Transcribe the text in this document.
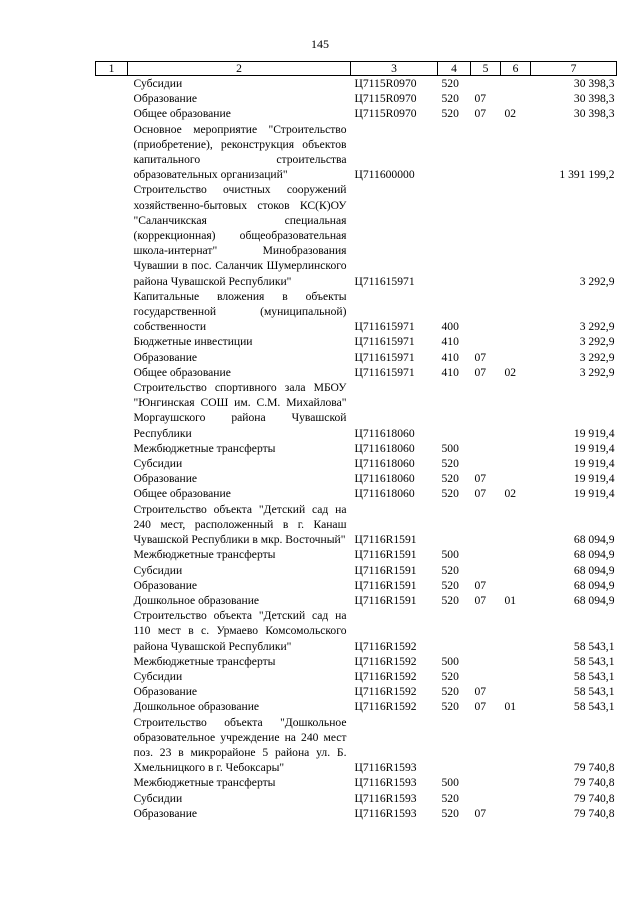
145
1	2	3	4	5	6	7
	Субсидии	Ц7115R0970	520			30 398,3
	Образование	Ц7115R0970	520	07		30 398,3
	Общее образование	Ц7115R0970	520	07	02	30 398,3
	Основное мероприятие "Строительство (приобретение), реконструкция объектов капитального строительства образовательных организаций"	Ц711600000				1 391 199,2
	Строительство очистных сооружений хозяйственно-бытовых стоков КС(К)ОУ "Саланчикская специальная (коррекционная) общеобразовательная школа-интернат" Минобразования Чувашии в пос. Саланчик Шумерлинского района Чувашской Республики"	Ц711615971				3 292,9
	Капитальные вложения в объекты государственной (муниципальной) собственности	Ц711615971	400			3 292,9
	Бюджетные инвестиции	Ц711615971	410			3 292,9
	Образование	Ц711615971	410	07		3 292,9
	Общее образование	Ц711615971	410	07	02	3 292,9
	Строительство спортивного зала МБОУ "Юнгинская СОШ им. С.М. Михайлова" Моргаушского района Чувашской Республики	Ц711618060				19 919,4
	Межбюджетные трансферты	Ц711618060	500			19 919,4
	Субсидии	Ц711618060	520			19 919,4
	Образование	Ц711618060	520	07		19 919,4
	Общее образование	Ц711618060	520	07	02	19 919,4
	Строительство объекта "Детский сад на 240 мест, расположенный в г. Канаш Чувашской Республики в мкр. Восточный"	Ц7116R1591				68 094,9
	Межбюджетные трансферты	Ц7116R1591	500			68 094,9
	Субсидии	Ц7116R1591	520			68 094,9
	Образование	Ц7116R1591	520	07		68 094,9
	Дошкольное образование	Ц7116R1591	520	07	01	68 094,9
	Строительство объекта "Детский сад на 110 мест в с. Урмаево Комсомольского района Чувашской Республики"	Ц7116R1592				58 543,1
	Межбюджетные трансферты	Ц7116R1592	500			58 543,1
	Субсидии	Ц7116R1592	520			58 543,1
	Образование	Ц7116R1592	520	07		58 543,1
	Дошкольное образование	Ц7116R1592	520	07	01	58 543,1
	Строительство объекта "Дошкольное образовательное учреждение на 240 мест поз. 23 в микрорайоне 5 района ул. Б. Хмельницкого в г. Чебоксары"	Ц7116R1593				79 740,8
	Межбюджетные трансферты	Ц7116R1593	500			79 740,8
	Субсидии	Ц7116R1593	520			79 740,8
	Образование	Ц7116R1593	520	07		79 740,8
